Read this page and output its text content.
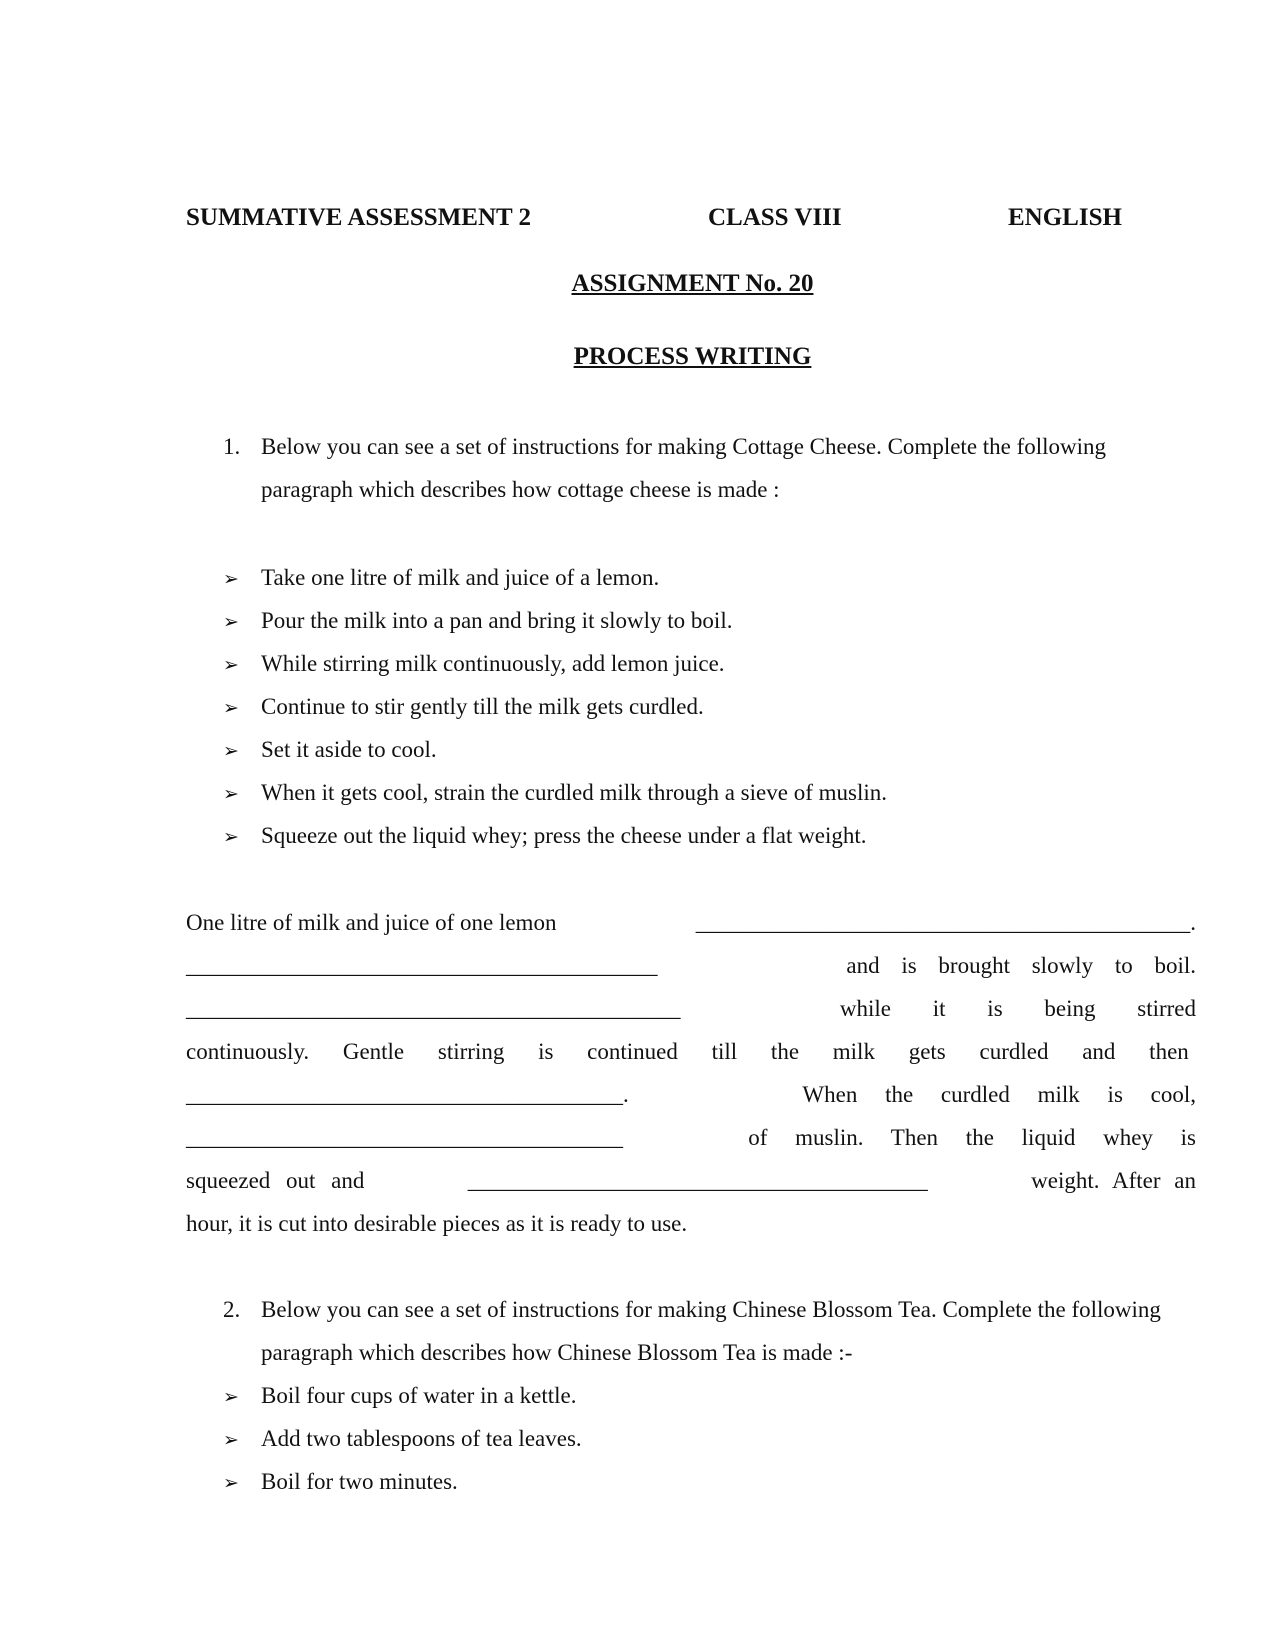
SUMMATIVE ASSESSMENT 2	CLASS VIII	ENGLISH
ASSIGNMENT No. 20
PROCESS WRITING
1. Below you can see a set of instructions for making Cottage Cheese. Complete the following paragraph which describes how cottage cheese is made :
➢ Take one litre of milk and juice of a lemon.
➢ Pour the milk into a pan and bring it slowly to boil.
➢ While stirring milk continuously, add lemon juice.
➢ Continue to stir gently till the milk gets curdled.
➢ Set it aside to cool.
➢ When it gets cool, strain the curdled milk through a sieve of muslin.
➢ Squeeze out the liquid whey; press the cheese under a flat weight.
One litre of milk and juice of one lemon	___________________________________________.
_________________________________________	and is brought slowly to boil.
___________________________________________	while it is being stirred
continuously. Gentle stirring is continued till the milk gets curdled and then
______________________________________.	When the curdled milk is cool,
______________________________________	of muslin. Then the liquid whey is
squeezed out and	________________________________________	weight. After an
hour, it is cut into desirable pieces as it is ready to use.
2. Below you can see a set of instructions for making Chinese Blossom Tea. Complete the following paragraph which describes how Chinese Blossom Tea is made :-
➢ Boil four cups of water in a kettle.
➢ Add two tablespoons of tea leaves.
➢ Boil for two minutes.
